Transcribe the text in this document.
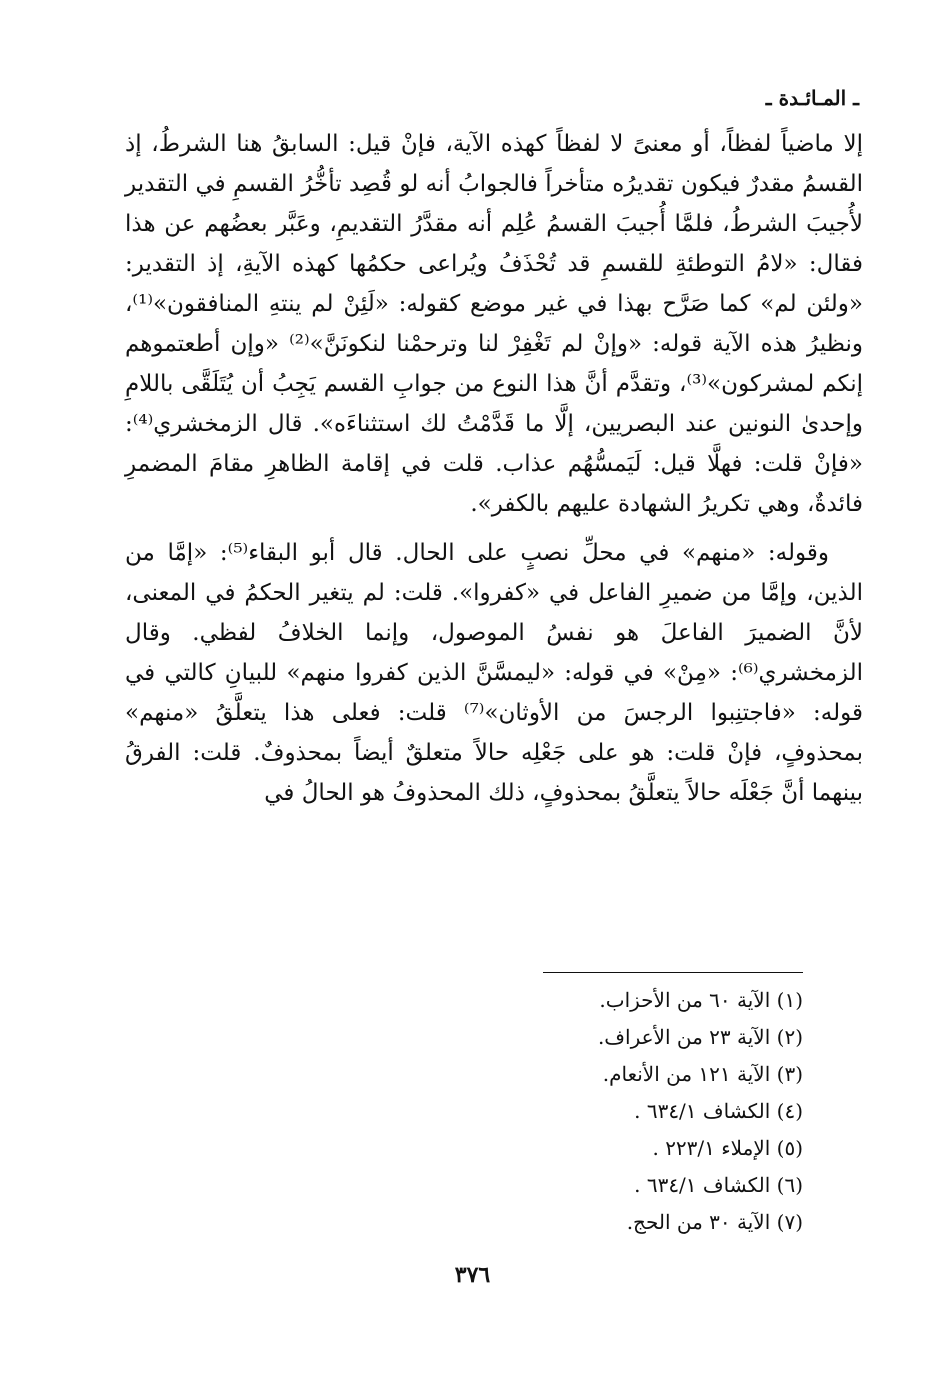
ـ المـائـدة ـ

إلا ماضياً لفظاً، أو معنىً لا لفظاً كهذه الآية، فإنْ قيل: السابقُ هنا الشرطُ، إذ القسمُ مقدرٌ فيكون تقديرُه متأخراً فالجوابُ أنه لو قُصِد تأخُّرُ القسمِ في التقدير لأُجيبَ الشرطُ، فلمَّا أُجيبَ القسمُ عُلِم أنه مقدَّرُ التقديمِ، وعَبَّر بعضُهم عن هذا فقال: «لامُ التوطئةِ للقسمِ قد تُحْذَفُ ويُراعى حكمُها كهذه الآيةِ، إذ التقدير: «ولئن لم» كما صَرَّح بهذا في غير موضع كقوله: «لَئِنْ لم ينتهِ المنافقون»⁽¹⁾، ونظيرُ هذه الآية قوله: «وإنْ لم تَغْفِرْ لنا وترحمْنا لنكونَنَّ»⁽²⁾ «وإن أطعتموهم إنكم لمشركون»⁽³⁾، وتقدَّم أنَّ هذا النوع من جوابِ القسم يَجِبُ أن يُتَلَقَّى باللامِ وإحدىٰ النونين عند البصريين، إلَّا ما قَدَّمْتُ لك استثناءَه». قال الزمخشري⁽⁴⁾: «فإنْ قلت: فهلَّا قيل: لَيَمسُّهُم عذاب. قلت في إقامة الظاهرِ مقامَ المضمرِ فائدةٌ، وهي تكريرُ الشهادة عليهم بالكفر».

وقوله: «منهم» في محلِّ نصبٍ على الحال. قال أبو البقاء⁽⁵⁾: «إمَّا من الذين، وإمَّا من ضميرِ الفاعل في «كفروا». قلت: لم يتغير الحكمُ في المعنى، لأنَّ الضميرَ الفاعلَ هو نفسُ الموصول، وإنما الخلافُ لفظي. وقال الزمخشري⁽⁶⁾: «مِنْ» في قوله: «ليمسَّنَّ الذين كفروا منهم» للبيانِ كالتي في قوله: «فاجتنِبوا الرجسَ من الأوثان»⁽⁷⁾ قلت: فعلى هذا يتعلَّقُ «منهم» بمحذوفٍ، فإنْ قلت: هو على جَعْلِه حالاً متعلقٌ أيضاً بمحذوفٌ. قلت: الفرقُ بينهما أنَّ جَعْلَه حالاً يتعلَّقُ بمحذوفٍ، ذلك المحذوفُ هو الحالُ في

(١) الآية ٦٠ من الأحزاب.
(٢) الآية ٢٣ من الأعراف.
(٣) الآية ١٢١ من الأنعام.
(٤) الكشاف ٦٣٤/١ .
(٥) الإملاء ٢٢٣/١ .
(٦) الكشاف ٦٣٤/١ .
(٧) الآية ٣٠ من الحج.
٣٧٦
